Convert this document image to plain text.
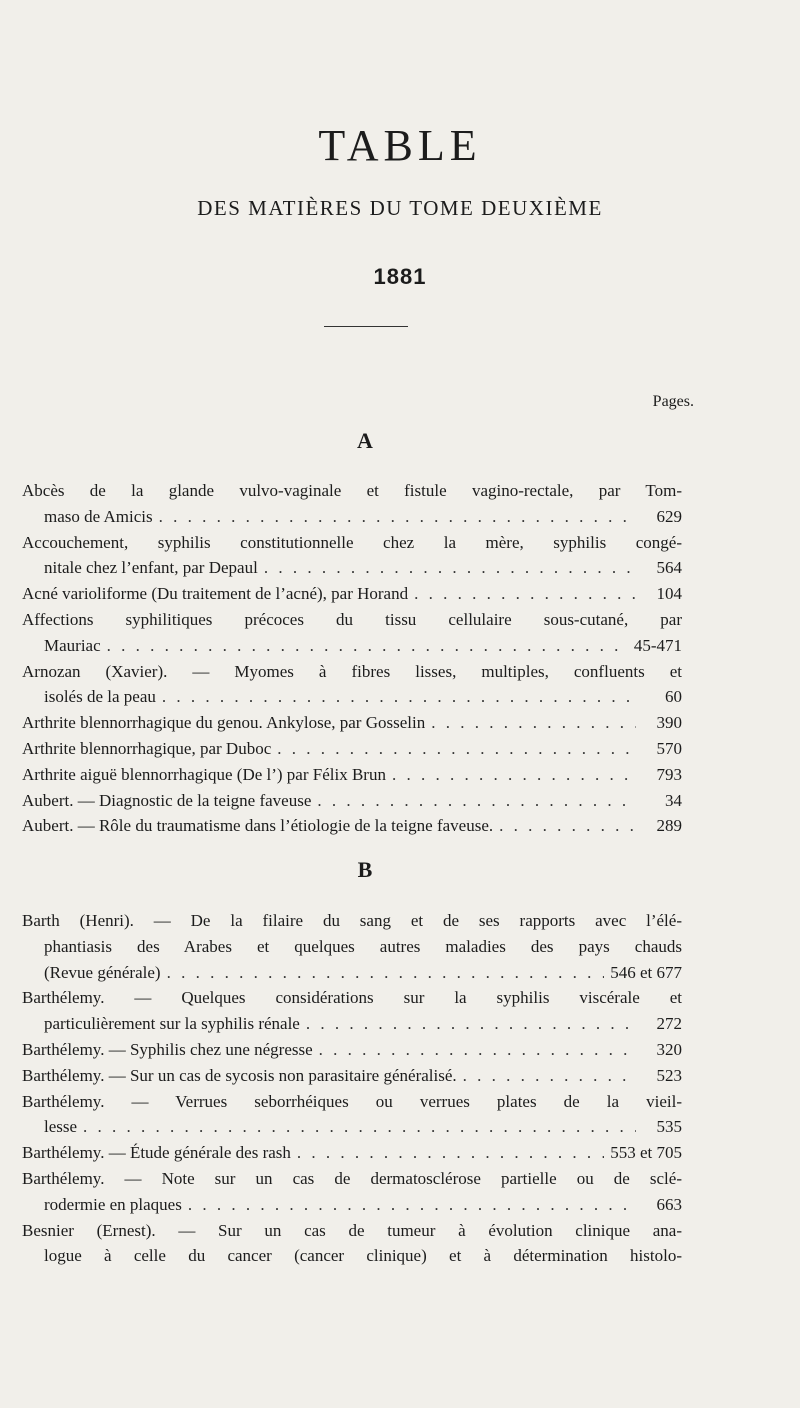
TABLE
DES MATIÈRES DU TOME DEUXIÈME
1881
Pages.
A
Abcès de la glande vulvo-vaginale et fistule vagino-rectale, par Tom-
maso de Amicis . . .	629
Accouchement, syphilis constitutionnelle chez la mère, syphilis congé-
nitale chez l’enfant, par Depaul . . .	564
Acné varioliforme (Du traitement de l’acné), par Horand . . .	104
Affections syphilitiques précoces du tissu cellulaire sous-cutané, par
Mauriac . . .	45-471
Arnozan (Xavier). — Myomes à fibres lisses, multiples, confluents et
isolés de la peau . . .	60
Arthrite blennorrhagique du genou. Ankylose, par Gosselin . . .	390
Arthrite blennorrhagique, par Duboc . . .	570
Arthrite aiguë blennorrhagique (De l’) par Félix Brun . . .	793
Aubert. — Diagnostic de la teigne faveuse . . .	34
Aubert. — Rôle du traumatisme dans l’étiologie de la teigne faveuse. . . .	289
B
Barth (Henri). — De la filaire du sang et de ses rapports avec l’élé-
phantiasis des Arabes et quelques autres maladies des pays chauds
(Revue générale) . . .	546 et 677
Barthélemy. — Quelques considérations sur la syphilis viscérale et
particulièrement sur la syphilis rénale . . .	272
Barthélemy. — Syphilis chez une négresse . . .	320
Barthélemy. — Sur un cas de sycosis non parasitaire généralisé. . . .	523
Barthélemy. — Verrues seborrhéiques ou verrues plates de la vieil-
lesse . . .	535
Barthélemy. — Étude générale des rash . . .	553 et 705
Barthélemy. — Note sur un cas de dermatosclérose partielle ou de sclé-
rodermie en plaques . . .	663
Besnier (Ernest). — Sur un cas de tumeur à évolution clinique ana-
logue à celle du cancer (cancer clinique) et à détermination histolo-
